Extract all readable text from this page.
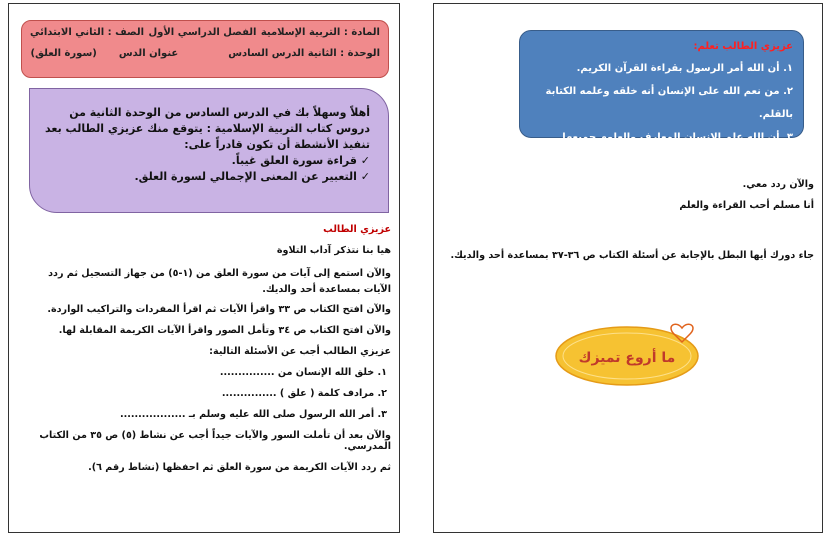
المادة : التربية الإسلامية
الفصل الدراسي الأول
الصف : الثاني الابتدائي
الوحدة : الثانية الدرس السادس
عنوان الدس
(سورة العلق)
أهلاً وسهلاً بك في الدرس السادس من الوحدة الثانية من دروس كتاب التربية الإسلامية : يتوقع منك عزيزي الطالب بعد تنفيذ الأنشطة أن تكون قادراً على:
✓ قراءة سورة العلق غيباً.
✓ التعبير عن المعنى الإجمالي لسورة العلق.

عزيزي الطالب

هيا بنا نتذكر آداب التلاوة

والآن استمع إلى آيات من سورة العلق من (١-٥) من جهاز التسجيل ثم ردد الآيات بمساعدة أحد والديك.

والآن افتح الكتاب ص ٣٣ واقرأ الآيات ثم اقرأ المفردات والتراكيب الواردة.

والآن افتح الكتاب ص ٣٤ وتأمل الصور واقرأ الآيات الكريمة المقابلة لها.

عزيزي الطالب أجب عن الأسئلة التالية:

١. خلق الله الإنسان من ...............

٢. مرادف كلمة ( علق ) ...............

٣. أمر الله الرسول صلى الله عليه وسلم بـ ..................

والآن بعد أن تأملت السور والآيات جيداً أجب عن نشاط (٥) ص ٣٥ من الكتاب المدرسي.

ثم ردد الآيات الكريمة من سورة العلق ثم احفظها (نشاط رقم ٦).

عزيزي الطالب تعلم:
١. أن الله أمر الرسول بقراءة القرآن الكريم.
٢. من نعم الله على الإنسان أنه خلقه وعلمه الكتابة بالقلم.
٣. أن الله علم الإنسان المعارف والعلوم جميعها.

والآن ردد معي.

أنا مسلم أحب القراءة والعلم

جاء دورك أيها البطل بالإجابة عن أسئلة الكتاب ص ٣٦-٣٧ بمساعدة أحد والديك.

ما أروع تميزك
